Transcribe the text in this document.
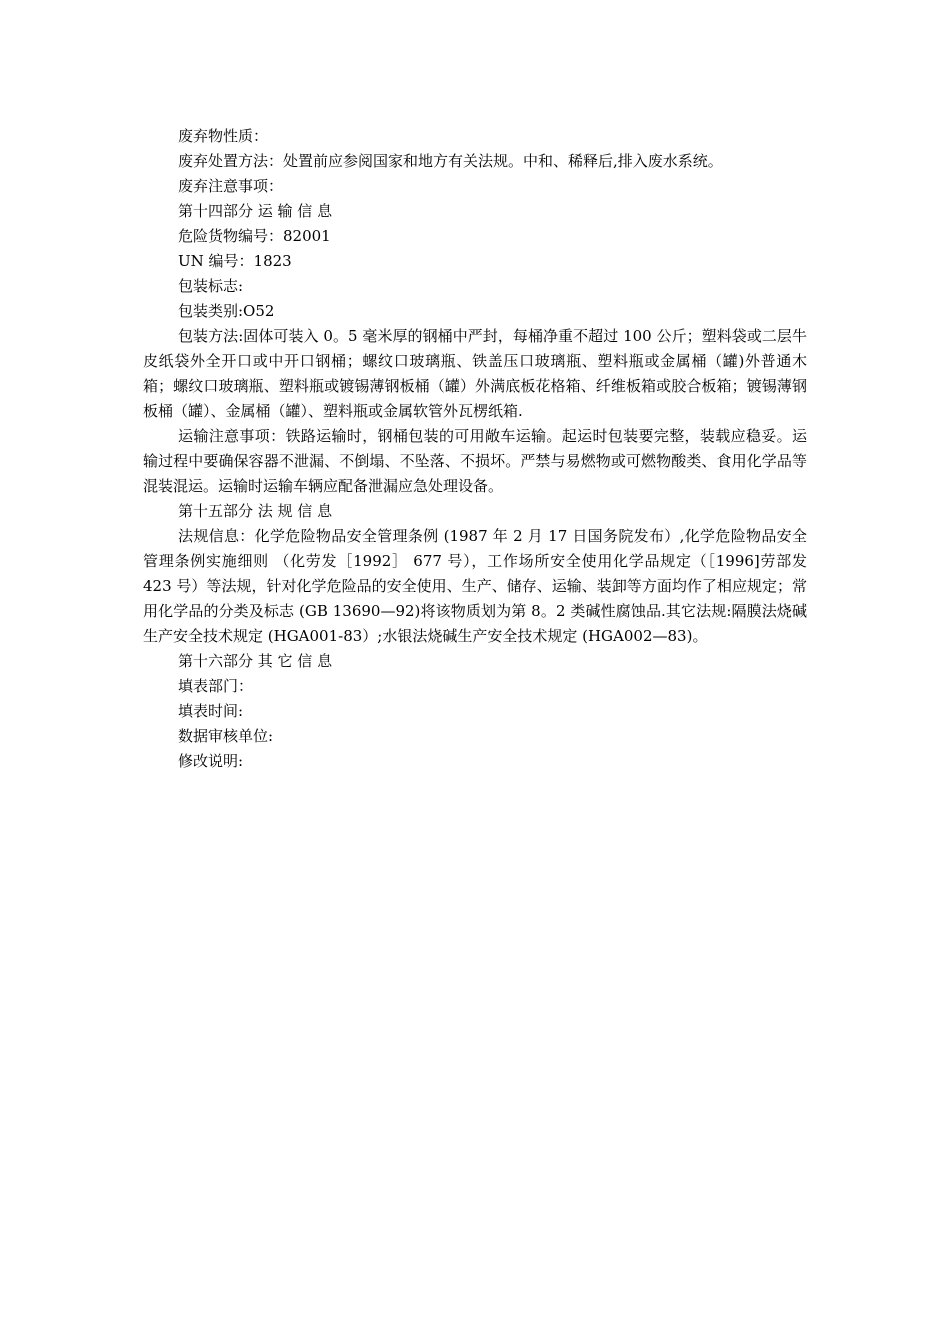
废弃物性质：
废弃处置方法：处置前应参阅国家和地方有关法规。中和、稀释后,排入废水系统。
废弃注意事项：
第十四部分 运 输 信 息
危险货物编号：82001
UN 编号：1823
包装标志:
包装类别:O52

包装方法:固体可装入 0。5 毫米厚的钢桶中严封，每桶净重不超过 100 公斤；塑料袋或二层牛皮纸袋外全开口或中开口钢桶；螺纹口玻璃瓶、铁盖压口玻璃瓶、塑料瓶或金属桶（罐)外普通木箱；螺纹口玻璃瓶、塑料瓶或镀锡薄钢板桶（罐）外满底板花格箱、纤维板箱或胶合板箱；镀锡薄钢板桶（罐）、金属桶（罐）、塑料瓶或金属软管外瓦楞纸箱.

运输注意事项：铁路运输时，钢桶包装的可用敞车运输。起运时包装要完整，装载应稳妥。运输过程中要确保容器不泄漏、不倒塌、不坠落、不损坏。严禁与易燃物或可燃物酸类、食用化学品等混装混运。运输时运输车辆应配备泄漏应急处理设备。

第十五部分 法 规 信 息

法规信息：化学危险物品安全管理条例 (1987 年 2 月 17 日国务院发布）,化学危险物品安全管理条例实施细则 （化劳发［1992］ 677 号），工作场所安全使用化学品规定（［1996]劳部发 423 号）等法规，针对化学危险品的安全使用、生产、储存、运输、装卸等方面均作了相应规定；常用化学品的分类及标志 (GB 13690—92)将该物质划为第 8。2 类碱性腐蚀品.其它法规:隔膜法烧碱生产安全技术规定 (HGA001-83）;水银法烧碱生产安全技术规定 (HGA002—83)。

第十六部分 其 它 信 息
填表部门：
填表时间:
数据审核单位:
修改说明:
